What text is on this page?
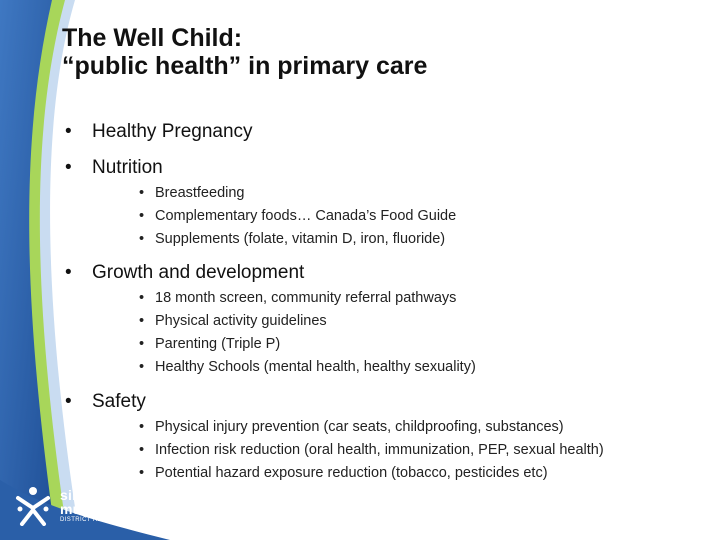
The Well Child:
“public health” in primary care
• Healthy Pregnancy
• Nutrition
• Breastfeeding
• Complementary foods… Canada’s Food Guide
• Supplements (folate, vitamin D, iron, fluoride)
• Growth and development
• 18 month screen, community referral pathways
• Physical activity guidelines
• Parenting (Triple P)
• Healthy Schools (mental health, healthy sexuality)
• Safety
• Physical injury prevention (car seats, childproofing, substances)
• Infection risk reduction (oral health, immunization, PEP, sexual health)
• Potential hazard exposure reduction (tobacco, pesticides etc)
simcoe
muskoka
DISTRICT HEALTH UNIT
